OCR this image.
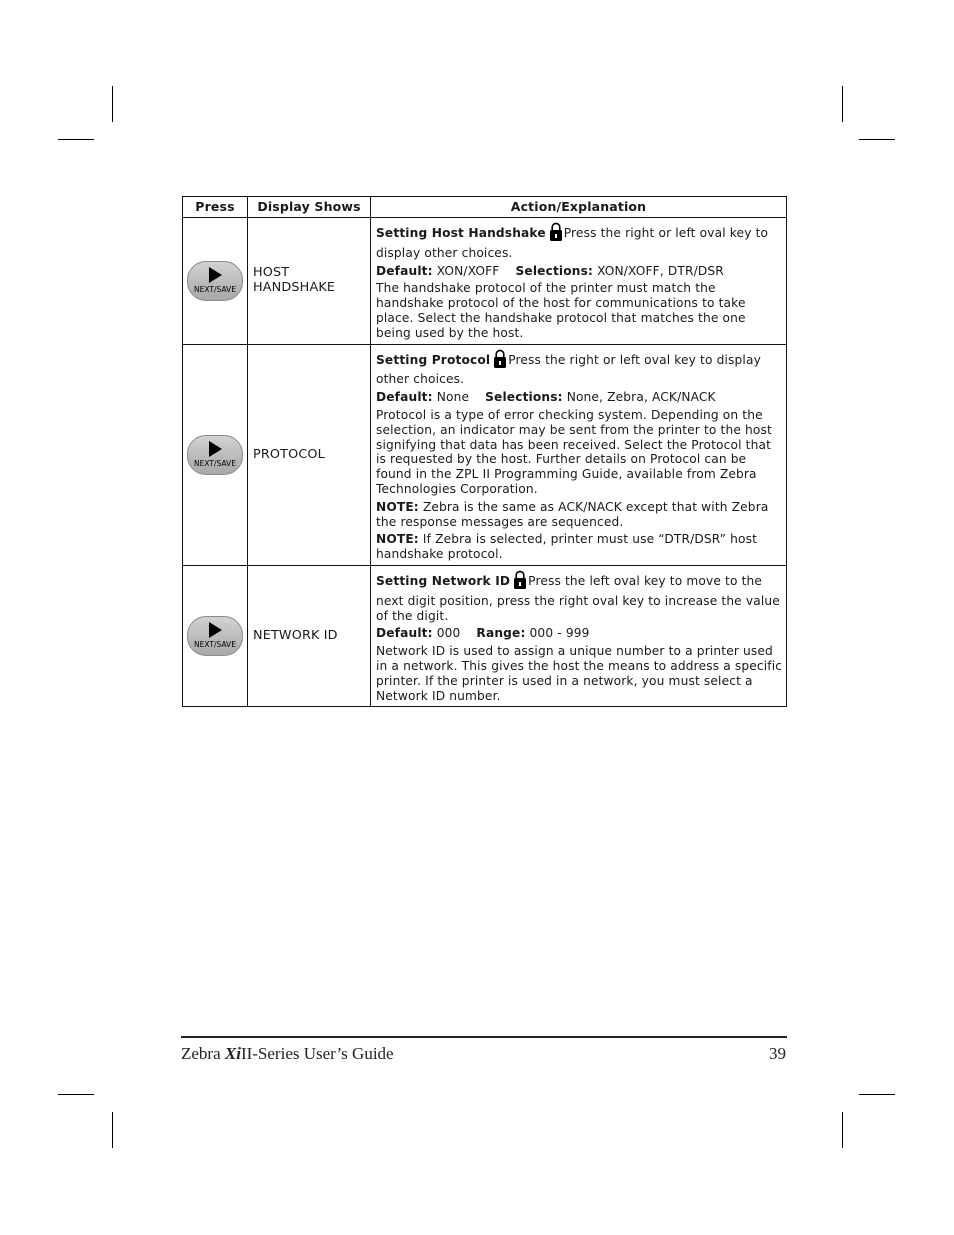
Press	Display Shows	Action/Explanation

NEXT/SAVE	HOST HANDSHAKE	Setting Host Handshake Press the right or left oval key to display other choices.

Default: XON/XOFF Selections: XON/XOFF, DTR/DSR

The handshake protocol of the printer must match the handshake protocol of the host for communications to take place. Select the handshake protocol that matches the one being used by the host.

NEXT/SAVE	PROTOCOL	Setting Protocol Press the right or left oval key to display other choices.

Default: None Selections: None, Zebra, ACK/NACK

Protocol is a type of error checking system. Depending on the selection, an indicator may be sent from the printer to the host signifying that data has been received. Select the Protocol that is requested by the host. Further details on Protocol can be found in the ZPL II Programming Guide, available from Zebra Technologies Corporation.

NOTE: Zebra is the same as ACK/NACK except that with Zebra the response messages are sequenced.

NOTE: If Zebra is selected, printer must use “DTR/DSR” host handshake protocol.

NEXT/SAVE	NETWORK ID	Setting Network ID Press the left oval key to move to the next digit position, press the right oval key to increase the value of the digit.

Default: 000 Range: 000 - 999

Network ID is used to assign a unique number to a printer used in a network. This gives the host the means to address a specific printer. If the printer is used in a network, you must select a Network ID number.

Zebra XiII-Series User’s Guide	39
